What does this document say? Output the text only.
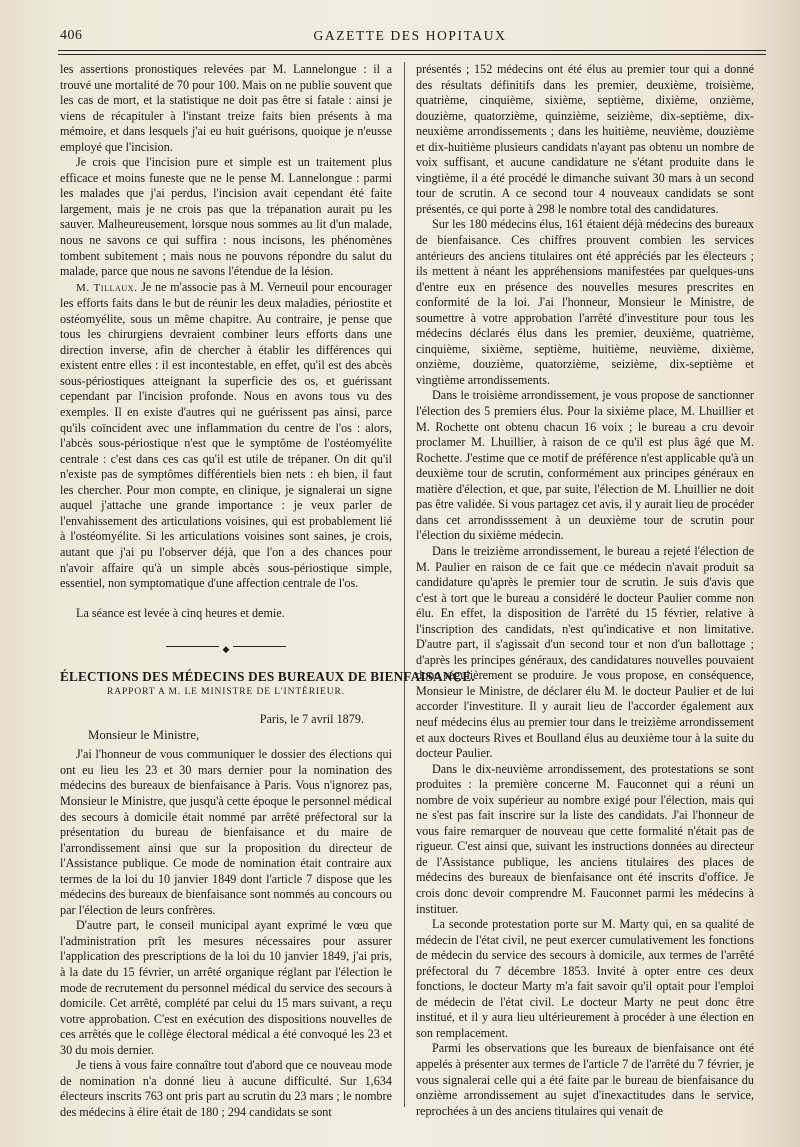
406	GAZETTE DES HOPITAUX

les assertions pronostiques relevées par M. Lannelongue : il a trouvé une mortalité de 70 pour 100. Mais on ne publie souvent que les cas de mort, et la statistique ne doit pas être si fatale : ainsi je viens de récapituler à l'instant treize faits bien présents à ma mémoire, et dans lesquels j'ai eu huit guérisons, quoique je n'eusse employé que l'incision.

Je crois que l'incision pure et simple est un traitement plus efficace et moins funeste que ne le pense M. Lannelongue : parmi les malades que j'ai perdus, l'incision avait cependant été faite largement, mais je ne crois pas que la trépanation aurait pu les sauver. Malheureusement, lorsque nous sommes au lit d'un malade, nous ne savons ce qui suffira : nous incisons, les phénomènes tombent subitement ; mais nous ne pouvons répondre du salut du malade, parce que nous ne savons l'étendue de la lésion.

M. Tillaux. Je ne m'associe pas à M. Verneuil pour encourager les efforts faits dans le but de réunir les deux maladies, périostite et ostéomyélite, sous un même chapitre. Au contraire, je pense que tous les chirurgiens devraient combiner leurs efforts dans une direction inverse, afin de chercher à établir les différences qui existent entre elles : il est incontestable, en effet, qu'il est des abcès sous-périostiques atteignant la superficie des os, et guérissant cependant par l'incision profonde. Nous en avons tous vu des exemples. Il en existe d'autres qui ne guérissent pas ainsi, parce qu'ils coïncident avec une inflammation du centre de l'os : alors, l'abcès sous-périostique n'est que le symptôme de l'ostéomyélite centrale : c'est dans ces cas qu'il est utile de trépaner. On dit qu'il n'existe pas de symptômes différentiels bien nets : eh bien, il faut les chercher. Pour mon compte, en clinique, je signalerai un signe auquel j'attache une grande importance : je veux parler de l'envahissement des articulations voisines, qui est probablement lié à l'ostéomyélite. Si les articulations voisines sont saines, je crois, autant que j'ai pu l'observer déjà, que l'on a des chances pour n'avoir affaire qu'à un simple abcès sous-périostique simple, essentiel, non symptomatique d'une affection centrale de l'os.

La séance est levée à cinq heures et demie.

◆

ÉLECTIONS DES MÉDECINS DES BUREAUX DE BIENFAISANCE.

RAPPORT A M. LE MINISTRE DE L'INTÉRIEUR.

Paris, le 7 avril 1879.

Monsieur le Ministre,

J'ai l'honneur de vous communiquer le dossier des élections qui ont eu lieu les 23 et 30 mars dernier pour la nomination des médecins des bureaux de bienfaisance à Paris. Vous n'ignorez pas, Monsieur le Ministre, que jusqu'à cette époque le personnel médical des secours à domicile était nommé par arrêté préfectoral sur la présentation du bureau de bienfaisance et du maire de l'arrondissement ainsi que sur la proposition du directeur de l'Assistance publique. Ce mode de nomination était contraire aux termes de la loi du 10 janvier 1849 dont l'article 7 dispose que les médecins des bureaux de bienfaisance sont nommés au concours ou par l'élection de leurs confrères.

D'autre part, le conseil municipal ayant exprimé le vœu que l'administration prît les mesures nécessaires pour assurer l'application des prescriptions de la loi du 10 janvier 1849, j'ai pris, à la date du 15 février, un arrêté organique réglant par l'élection le mode de recrutement du personnel médical du service des secours à domicile. Cet arrêté, complété par celui du 15 mars suivant, a reçu votre approbation. C'est en exécution des dispositions nouvelles de ces arrêtés que le collège électoral médical a été convoqué les 23 et 30 du mois dernier.

Je tiens à vous faire connaître tout d'abord que ce nouveau mode de nomination n'a donné lieu à aucune difficulté. Sur 1,634 électeurs inscrits 763 ont pris part au scrutin du 23 mars ; le nombre des médecins à élire était de 180 ; 294 candidats se sont

présentés ; 152 médecins ont été élus au premier tour qui a donné des résultats définitifs dans les premier, deuxième, troisième, quatrième, cinquième, sixième, septième, dixième, onzième, douzième, quatorzième, quinzième, seizième, dix-septième, dix-neuxième arrondissements ; dans les huitième, neuvième, douzième et dix-huitième plusieurs candidats n'ayant pas obtenu un nombre de voix suffisant, et aucune candidature ne s'étant produite dans le vingtième, il a été procédé le dimanche suivant 30 mars à un second tour de scrutin. A ce second tour 4 nouveaux candidats se sont présentés, ce qui porte à 298 le nombre total des candidatures.

Sur les 180 médecins élus, 161 étaient déjà médecins des bureaux de bienfaisance. Ces chiffres prouvent combien les services antérieurs des anciens titulaires ont été appréciés par les électeurs ; ils mettent à néant les appréhensions manifestées par quelques-uns d'entre eux en présence des nouvelles mesures prescrites en conformité de la loi. J'ai l'honneur, Monsieur le Ministre, de soumettre à votre approbation l'arrêté d'investiture pour tous les médecins déclarés élus dans les premier, deuxième, quatrième, cinquième, sixième, septième, huitième, neuvième, dixième, onzième, douzième, quatorzième, seizième, dix-septième et vingtième arrondissements.

Dans le troisième arrondissement, je vous propose de sanctionner l'élection des 5 premiers élus. Pour la sixième place, M. Lhuillier et M. Rochette ont obtenu chacun 16 voix ; le bureau a cru devoir proclamer M. Lhuillier, à raison de ce qu'il est plus âgé que M. Rochette. J'estime que ce motif de préférence n'est applicable qu'à un deuxième tour de scrutin, conformément aux principes généraux en matière d'élection, et que, par suite, l'élection de M. Lhuillier ne doit pas être validée. Si vous partagez cet avis, il y aurait lieu de procéder dans cet arrondisssement à un deuxième tour de scrutin pour l'élection du sixième médecin.

Dans le treizième arrondissement, le bureau a rejeté l'élection de M. Paulier en raison de ce fait que ce médecin n'avait produit sa candidature qu'après le premier tour de scrutin. Je suis d'avis que c'est à tort que le bureau a considéré le docteur Paulier comme non élu. En effet, la disposition de l'arrêté du 15 février, relative à l'inscription des candidats, n'est qu'indicative et non limitative. D'autre part, il s'agissait d'un second tour et non d'un ballottage ; d'après les principes généraux, des candidatures nouvelles pouvaient donc régulièrement se produire. Je vous propose, en conséquence, Monsieur le Ministre, de déclarer élu M. le docteur Paulier et de lui accorder l'investiture. Il y aurait lieu de l'accorder également aux neuf médecins élus au premier tour dans le treizième arrondissement et aux docteurs Rives et Boulland élus au deuxième tour à la suite du docteur Paulier.

Dans le dix-neuvième arrondissement, des protestations se sont produites : la première concerne M. Fauconnet qui a réuni un nombre de voix supérieur au nombre exigé pour l'élection, mais qui ne s'est pas fait inscrire sur la liste des candidats. J'ai l'honneur de vous faire remarquer de nouveau que cette formalité n'était pas de rigueur. C'est ainsi que, suivant les instructions données au directeur de l'Assistance publique, les anciens titulaires des places de médecins des bureaux de bienfaisance ont été inscrits d'office. Je crois donc devoir comprendre M. Fauconnet parmi les médecins à instituer.

La seconde protestation porte sur M. Marty qui, en sa qualité de médecin de l'état civil, ne peut exercer cumulativement les fonctions de médecin du service des secours à domicile, aux termes de l'arrêté préfectoral du 7 décembre 1853. Invité à opter entre ces deux fonctions, le docteur Marty m'a fait savoir qu'il optait pour l'emploi de médecin de l'état civil. Le docteur Marty ne peut donc être institué, et il y aura lieu ultérieurement à procéder à une élection en son remplacement.

Parmi les observations que les bureaux de bienfaisance ont été appelés à présenter aux termes de l'article 7 de l'arrêté du 7 février, je vous signalerai celle qui a été faite par le bureau de bienfaisance du onzième arrondissement au sujet d'inexactitudes dans le service, reprochées à un des anciens titulaires qui venait de
